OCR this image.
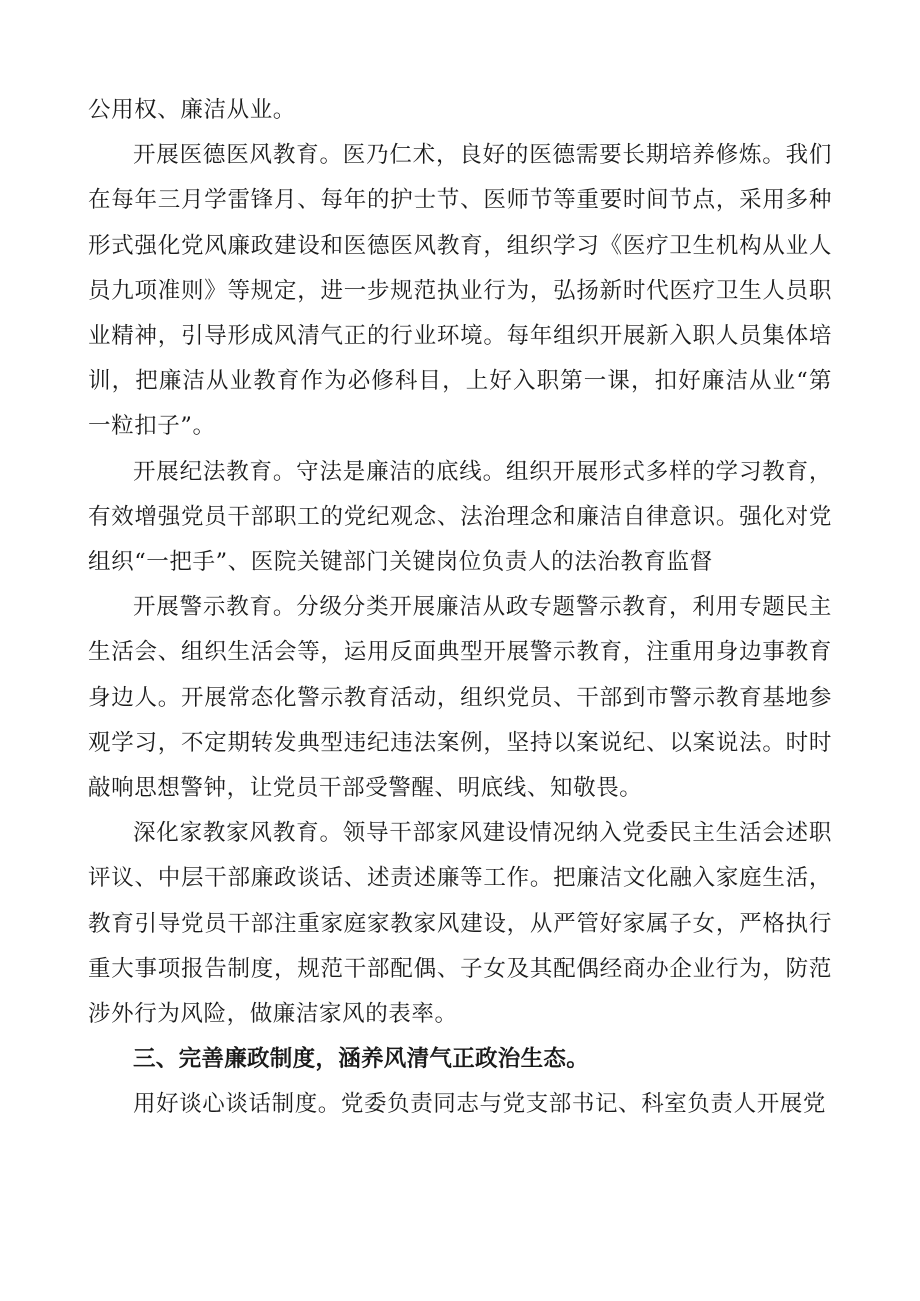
公用权、廉洁从业。

开展医德医风教育。医乃仁术，良好的医德需要长期培养修炼。我们在每年三月学雷锋月、每年的护士节、医师节等重要时间节点，采用多种形式强化党风廉政建设和医德医风教育，组织学习《医疗卫生机构从业人员九项准则》等规定，进一步规范执业行为，弘扬新时代医疗卫生人员职业精神，引导形成风清气正的行业环境。每年组织开展新入职人员集体培训，把廉洁从业教育作为必修科目，上好入职第一课，扣好廉洁从业“第一粒扣子”。

开展纪法教育。守法是廉洁的底线。组织开展形式多样的学习教育，有效增强党员干部职工的党纪观念、法治理念和廉洁自律意识。强化对党组织“一把手”、医院关键部门关键岗位负责人的法治教育监督

开展警示教育。分级分类开展廉洁从政专题警示教育，利用专题民主生活会、组织生活会等，运用反面典型开展警示教育，注重用身边事教育身边人。开展常态化警示教育活动，组织党员、干部到市警示教育基地参观学习，不定期转发典型违纪违法案例，坚持以案说纪、以案说法。时时敲响思想警钟，让党员干部受警醒、明底线、知敬畏。

深化家教家风教育。领导干部家风建设情况纳入党委民主生活会述职评议、中层干部廉政谈话、述责述廉等工作。把廉洁文化融入家庭生活，教育引导党员干部注重家庭家教家风建设，从严管好家属子女，严格执行重大事项报告制度，规范干部配偶、子女及其配偶经商办企业行为，防范涉外行为风险，做廉洁家风的表率。

三、完善廉政制度，涵养风清气正政治生态。

用好谈心谈话制度。党委负责同志与党支部书记、科室负责人开展党
